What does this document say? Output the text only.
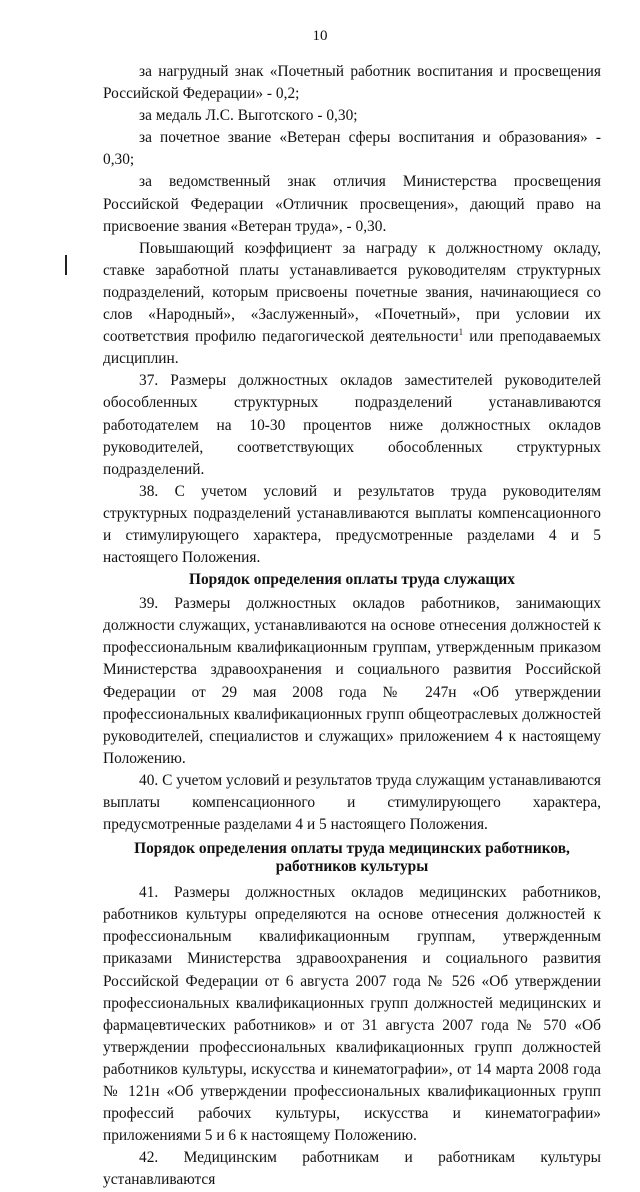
10

за нагрудный знак «Почетный работник воспитания и просвещения Российской Федерации» - 0,2;

за медаль Л.С. Выготского - 0,30;

за почетное звание «Ветеран сферы воспитания и образования» - 0,30;

за ведомственный знак отличия Министерства просвещения Российской Федерации «Отличник просвещения», дающий право на присвоение звания «Ветеран труда», - 0,30.

Повышающий коэффициент за награду к должностному окладу, ставке заработной платы устанавливается руководителям структурных подразделений, которым присвоены почетные звания, начинающиеся со слов «Народный», «Заслуженный», «Почетный», при условии их соответствия профилю педагогической деятельности$^1$ или преподаваемых дисциплин.

37. Размеры должностных окладов заместителей руководителей обособленных структурных подразделений устанавливаются работодателем на 10-30 процентов ниже должностных окладов руководителей, соответствующих обособленных структурных подразделений.

38. С учетом условий и результатов труда руководителям структурных подразделений устанавливаются выплаты компенсационного и стимулирующего характера, предусмотренные разделами 4 и 5 настоящего Положения.

Порядок определения оплаты труда служащих

39. Размеры должностных окладов работников, занимающих должности служащих, устанавливаются на основе отнесения должностей к профессиональным квалификационным группам, утвержденным приказом Министерства здравоохранения и социального развития Российской Федерации от 29 мая 2008 года № 247н «Об утверждении профессиональных квалификационных групп общеотраслевых должностей руководителей, специалистов и служащих» приложением 4 к настоящему Положению.

40. С учетом условий и результатов труда служащим устанавливаются выплаты компенсационного и стимулирующего характера, предусмотренные разделами 4 и 5 настоящего Положения.

Порядок определения оплаты труда медицинских работников,
работников культуры

41. Размеры должностных окладов медицинских работников, работников культуры определяются на основе отнесения должностей к профессиональным квалификационным группам, утвержденным приказами Министерства здравоохранения и социального развития Российской Федерации от 6 августа 2007 года № 526 «Об утверждении профессиональных квалификационных групп должностей медицинских и фармацевтических работников» и от 31 августа 2007 года № 570 «Об утверждении профессиональных квалификационных групп должностей работников культуры, искусства и кинематографии», от 14 марта 2008 года № 121н «Об утверждении профессиональных квалификационных групп профессий рабочих культуры, искусства и кинематографии» приложениями 5 и 6 к настоящему Положению.

42. Медицинским работникам и работникам культуры устанавливаются
